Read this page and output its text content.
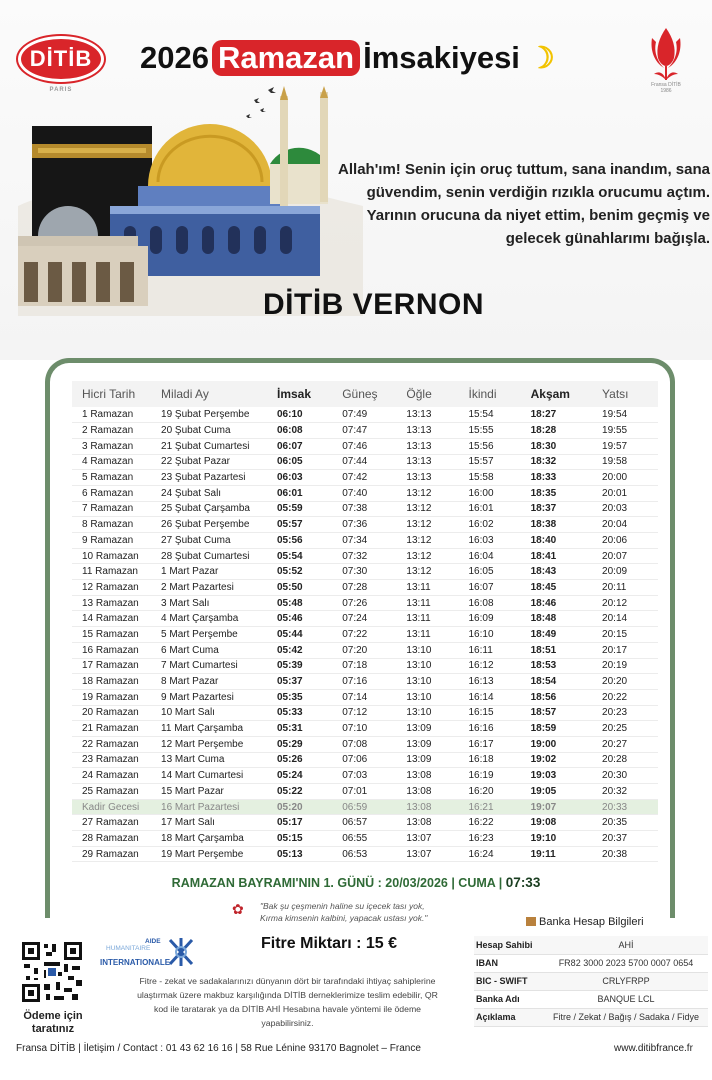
DİTİB
PARIS
2026 Ramazan İmsakiyesi ☽
Fransa DİTİB
1986
Allah'ım! Senin için oruç tuttum, sana inandım, sana güvendim, senin verdiğin rızıkla orucumu açtım. Yarının orucuna da niyet ettim, benim geçmiş ve gelecek günahlarımı bağışla.
DİTİB VERNON
Hicri Tarih	Miladi Ay	İmsak	Güneş	Öğle	İkindi	Akşam	Yatsı
1 Ramazan	19 Şubat Perşembe	06:10	07:49	13:13	15:54	18:27	19:54
2 Ramazan	20 Şubat Cuma	06:08	07:47	13:13	15:55	18:28	19:55
3 Ramazan	21 Şubat Cumartesi	06:07	07:46	13:13	15:56	18:30	19:57
4 Ramazan	22 Şubat Pazar	06:05	07:44	13:13	15:57	18:32	19:58
5 Ramazan	23 Şubat Pazartesi	06:03	07:42	13:13	15:58	18:33	20:00
6 Ramazan	24 Şubat Salı	06:01	07:40	13:12	16:00	18:35	20:01
7 Ramazan	25 Şubat Çarşamba	05:59	07:38	13:12	16:01	18:37	20:03
8 Ramazan	26 Şubat Perşembe	05:57	07:36	13:12	16:02	18:38	20:04
9 Ramazan	27 Şubat Cuma	05:56	07:34	13:12	16:03	18:40	20:06
10 Ramazan	28 Şubat Cumartesi	05:54	07:32	13:12	16:04	18:41	20:07
11 Ramazan	1 Mart Pazar	05:52	07:30	13:12	16:05	18:43	20:09
12 Ramazan	2 Mart Pazartesi	05:50	07:28	13:11	16:07	18:45	20:11
13 Ramazan	3 Mart Salı	05:48	07:26	13:11	16:08	18:46	20:12
14 Ramazan	4 Mart Çarşamba	05:46	07:24	13:11	16:09	18:48	20:14
15 Ramazan	5 Mart Perşembe	05:44	07:22	13:11	16:10	18:49	20:15
16 Ramazan	6 Mart Cuma	05:42	07:20	13:10	16:11	18:51	20:17
17 Ramazan	7 Mart Cumartesi	05:39	07:18	13:10	16:12	18:53	20:19
18 Ramazan	8 Mart Pazar	05:37	07:16	13:10	16:13	18:54	20:20
19 Ramazan	9 Mart Pazartesi	05:35	07:14	13:10	16:14	18:56	20:22
20 Ramazan	10 Mart Salı	05:33	07:12	13:10	16:15	18:57	20:23
21 Ramazan	11 Mart Çarşamba	05:31	07:10	13:09	16:16	18:59	20:25
22 Ramazan	12 Mart Perşembe	05:29	07:08	13:09	16:17	19:00	20:27
23 Ramazan	13 Mart Cuma	05:26	07:06	13:09	16:18	19:02	20:28
24 Ramazan	14 Mart Cumartesi	05:24	07:03	13:08	16:19	19:03	20:30
25 Ramazan	15 Mart Pazar	05:22	07:01	13:08	16:20	19:05	20:32
Kadir Gecesi	16 Mart Pazartesi	05:20	06:59	13:08	16:21	19:07	20:33
27 Ramazan	17 Mart Salı	05:17	06:57	13:08	16:22	19:08	20:35
28 Ramazan	18 Mart Çarşamba	05:15	06:55	13:07	16:23	19:10	20:37
29 Ramazan	19 Mart Perşembe	05:13	06:53	13:07	16:24	19:11	20:38
RAMAZAN BAYRAMI'NIN 1. GÜNÜ : 20/03/2026 | CUMA | 07:33
✿	"Bak şu çeşmenin haline su içecek tası yok,

Kırma kimsenin kalbini, yapacak ustası yok."

Ödeme için
taratınız
AIDE
HUMANITAIRE
INTERNATIONALE
Fitre Miktarı : 15 €
Fitre - zekat ve sadakalarınızı dünyanın dört bir tarafındaki ihtiyaç sahiplerine ulaştırmak üzere makbuz karşılığında DİTİB derneklerimize teslim edebilir, QR kod ile taratarak ya da DİTİB AHİ Hesabına havale yöntemi ile ödeme yapabilirsiniz.
Banka Hesap Bilgileri
Hesap Sahibi	AHİ
IBAN	FR82 3000 2023 5700 0007 0654
BIC - SWIFT	CRLYFRPP
Banka Adı	BANQUE LCL
Açıklama	Fitre / Zekat / Bağış / Sadaka / Fidye
Fransa DİTİB | İletişim / Contact : 01 43 62 16 16 | 58 Rue Lénine 93170 Bagnolet – France	www.ditibfrance.fr
